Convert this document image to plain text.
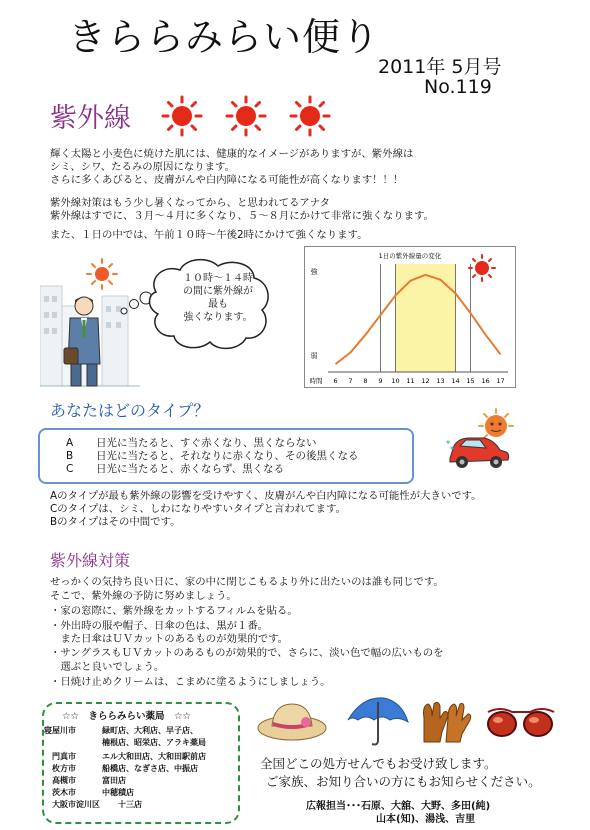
きららみらい便り
2011年 5月号
No.119
紫外線
輝く太陽と小麦色に焼けた肌には、健康的なイメージがありますが、紫外線は
シミ、シワ、たるみの原因になります。
さらに多くあびると、皮膚がんや白内障になる可能性が高くなります！！！
紫外線対策はもう少し暑くなってから、と思われてるアナタ
紫外線はすでに、３月～４月に多くなり、５～８月にかけて非常に強くなります。
また、１日の中では、午前１０時～午後2時にかけて強くなります。
１０時～１４時
の間に紫外線が
最も
強くなります。
1日の紫外線量の変化
強
弱
時間 6 7 8 9 10 11 12 13 14 15 16 17
あなたはどのタイプ？
A 日光に当たると、すぐ赤くなり、黒くならない
B 日光に当たると、それなりに赤くなり、その後黒くなる
C 日光に当たると、赤くならず、黒くなる
Aのタイプが最も紫外線の影響を受けやすく、皮膚がんや白内障になる可能性が大きいです。
Cのタイプは、シミ、しわになりやすいタイプと言われてます。
Bのタイプはその中間です。
紫外線対策
せっかくの気持ち良い日に、家の中に閉じこもるより外に出たいのは誰も同じです。
そこで、紫外線の予防に努めましょう。
・家の窓際に、紫外線をカットするフィルムを貼る。
・外出時の服や帽子、日傘の色は、黒が１番。
　また日傘はＵＶカットのあるものが効果的です。
・サングラスもＵＶカットのあるものが効果的で、さらに、淡い色で幅の広いものを
　選ぶと良いでしょう。
・日焼け止めクリームは、こまめに塗るようにしましょう。
☆☆　きららみらい薬局　☆☆
寝屋川市	緑町店、大利店、早子店、
楠根店、昭栄店、アラキ薬局
門真市	エル大和田店、大和田駅前店
枚方市	船橋店、なぎさ店、中振店
高槻市	富田店
茨木市	中穂積店
大阪市淀川区 十三店
全国どこの処方せんでもお受け致します。
ご家族、お知り合いの方にもお知らせください。
広報担当･･･石原、大舘、大野、多田(純)
山本(知)、湯浅、吉里
